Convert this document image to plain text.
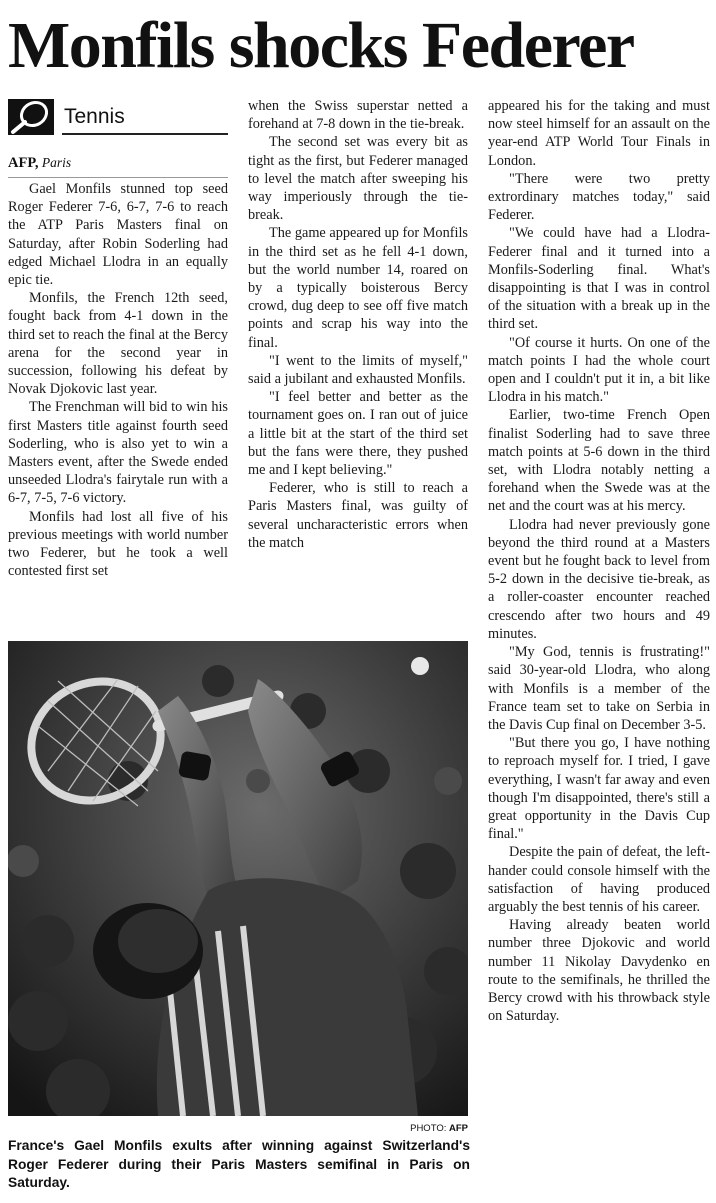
Monfils shocks Federer
Tennis
AFP, Paris

Gael Monfils stunned top seed Roger Federer 7-6, 6-7, 7-6 to reach the ATP Paris Masters final on Saturday, after Robin Soderling had edged Michael Llodra in an equally epic tie.

Monfils, the French 12th seed, fought back from 4-1 down in the third set to reach the final at the Bercy arena for the second year in succession, following his defeat by Novak Djokovic last year.

The Frenchman will bid to win his first Masters title against fourth seed Soderling, who is also yet to win a Masters event, after the Swede ended unseeded Llodra's fairytale run with a 6-7, 7-5, 7-6 victory.

Monfils had lost all five of his previous meetings with world number two Federer, but he took a well contested first set

when the Swiss superstar netted a forehand at 7-8 down in the tie-break.

The second set was every bit as tight as the first, but Federer managed to level the match after sweeping his way imperiously through the tie-break.

The game appeared up for Monfils in the third set as he fell 4-1 down, but the world number 14, roared on by a typically boisterous Bercy crowd, dug deep to see off five match points and scrap his way into the final.

"I went to the limits of myself," said a jubilant and exhausted Monfils.

"I feel better and better as the tournament goes on. I ran out of juice a little bit at the start of the third set but the fans were there, they pushed me and I kept believing."

Federer, who is still to reach a Paris Masters final, was guilty of several uncharacteristic errors when the match

appeared his for the taking and must now steel himself for an assault on the year-end ATP World Tour Finals in London.

"There were two pretty extrordinary matches today," said Federer.

"We could have had a Llodra-Federer final and it turned into a Monfils-Soderling final. What's disappointing is that I was in control of the situation with a break up in the third set.

"Of course it hurts. On one of the match points I had the whole court open and I couldn't put it in, a bit like Llodra in his match."

Earlier, two-time French Open finalist Soderling had to save three match points at 5-6 down in the third set, with Llodra notably netting a forehand when the Swede was at the net and the court was at his mercy.

Llodra had never previously gone beyond the third round at a Masters event but he fought back to level from 5-2 down in the decisive tie-break, as a roller-coaster encounter reached crescendo after two hours and 49 minutes.

"My God, tennis is frustrating!" said 30-year-old Llodra, who along with Monfils is a member of the France team set to take on Serbia in the Davis Cup final on December 3-5.

"But there you go, I have nothing to reproach myself for. I tried, I gave everything, I wasn't far away and even though I'm disappointed, there's still a great opportunity in the Davis Cup final."

Despite the pain of defeat, the left-hander could console himself with the satisfaction of having produced arguably the best tennis of his career.

Having already beaten world number three Djokovic and world number 11 Nikolay Davydenko en route to the semifinals, he thrilled the Bercy crowd with his throwback style on Saturday.

PHOTO: AFP
France's Gael Monfils exults after winning against Switzerland's Roger Federer during their Paris Masters semifinal in Paris on Saturday.
